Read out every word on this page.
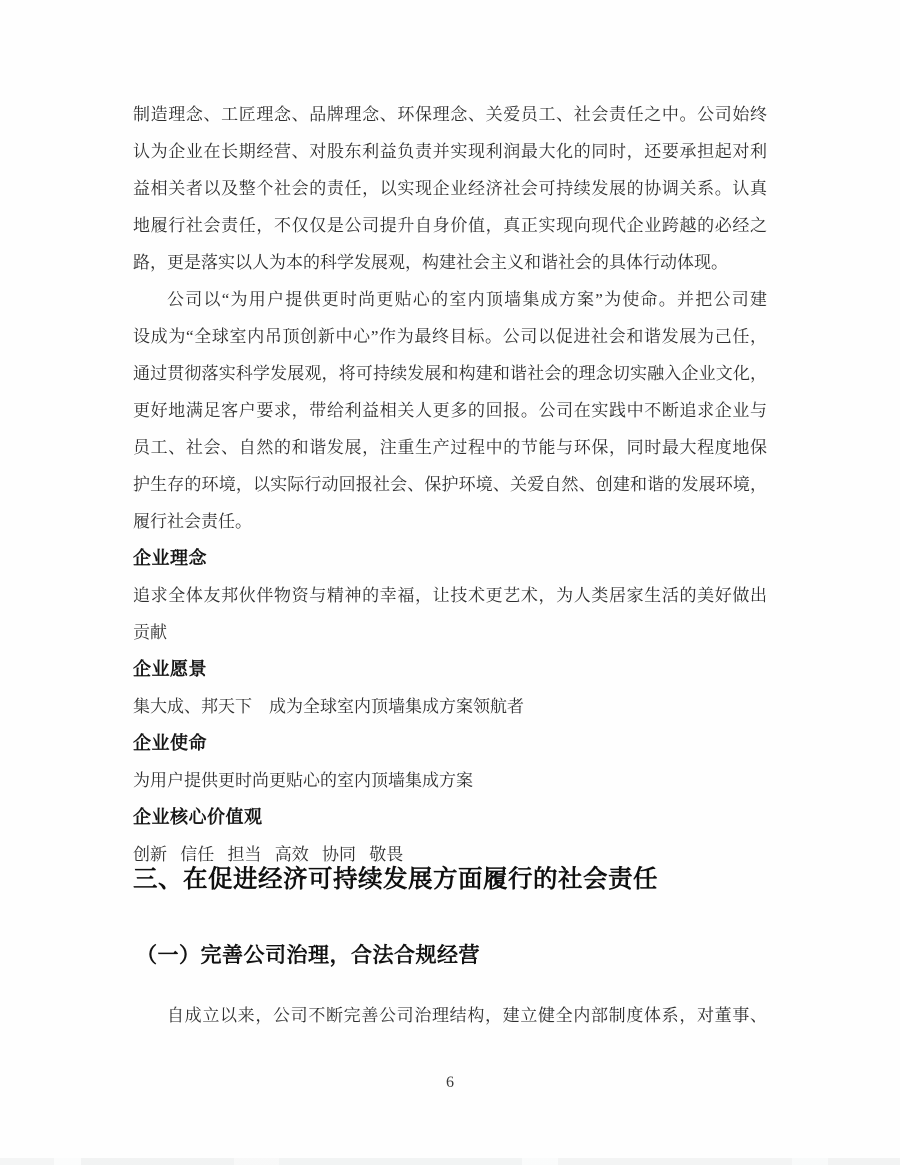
制造理念、工匠理念、品牌理念、环保理念、关爱员工、社会责任之中。公司始终
认为企业在长期经营、对股东利益负责并实现利润最大化的同时，还要承担起对利
益相关者以及整个社会的责任，以实现企业经济社会可持续发展的协调关系。认真
地履行社会责任，不仅仅是公司提升自身价值，真正实现向现代企业跨越的必经之
路，更是落实以人为本的科学发展观，构建社会主义和谐社会的具体行动体现。
公司以“为用户提供更时尚更贴心的室内顶墙集成方案”为使命。并把公司建
设成为“全球室内吊顶创新中心”作为最终目标。公司以促进社会和谐发展为己任，
通过贯彻落实科学发展观，将可持续发展和构建和谐社会的理念切实融入企业文化，
更好地满足客户要求，带给利益相关人更多的回报。公司在实践中不断追求企业与
员工、社会、自然的和谐发展，注重生产过程中的节能与环保，同时最大程度地保
护生存的环境，以实际行动回报社会、保护环境、关爱自然、创建和谐的发展环境，
履行社会责任。
企业理念
追求全体友邦伙伴物资与精神的幸福，让技术更艺术，为人类居家生活的美好做出
贡献
企业愿景
集大成、邦天下　成为全球室内顶墙集成方案领航者
企业使命
为用户提供更时尚更贴心的室内顶墙集成方案
企业核心价值观
创新 信任 担当 高效 协同 敬畏
三、在促进经济可持续发展方面履行的社会责任
（一）完善公司治理，合法合规经营
自成立以来，公司不断完善公司治理结构，建立健全内部制度体系，对董事、
6
